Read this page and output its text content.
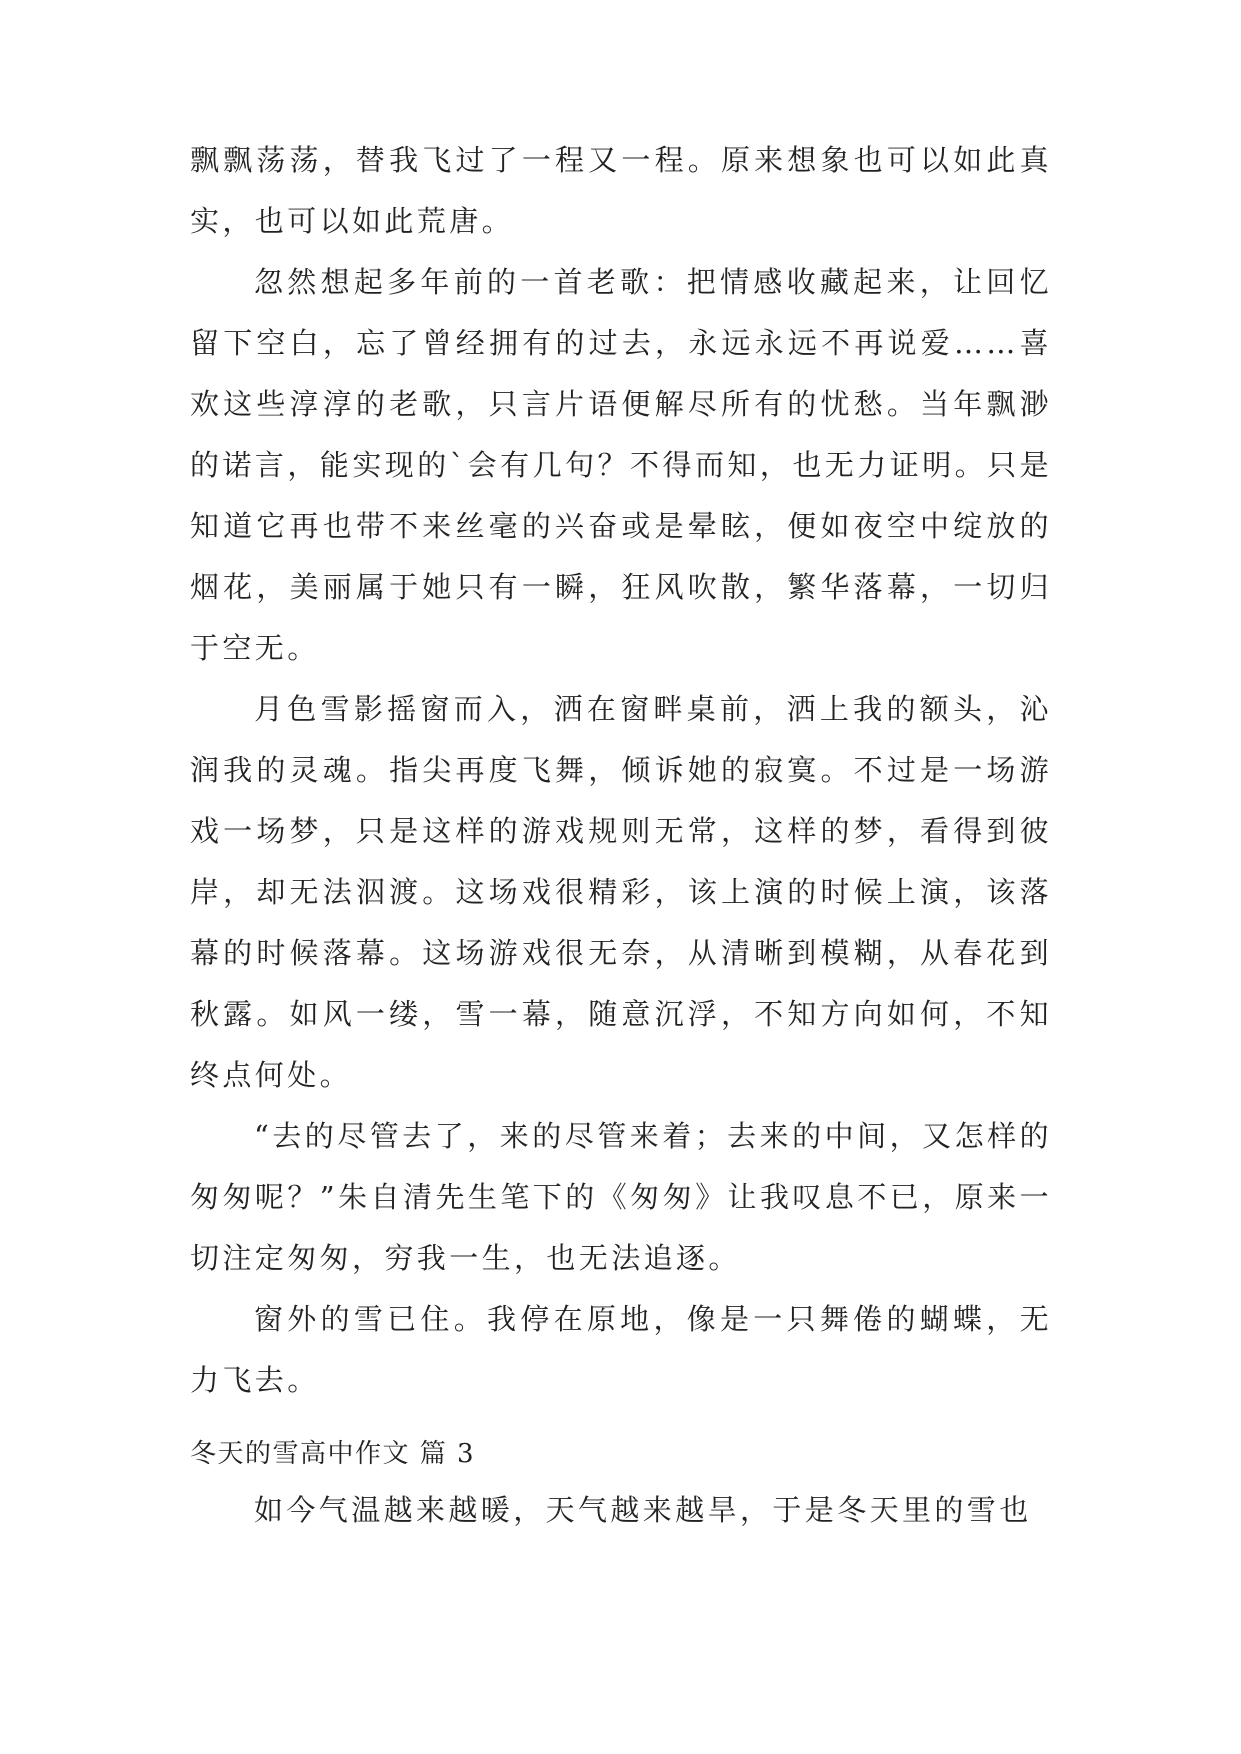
飘飘荡荡，替我飞过了一程又一程。原来想象也可以如此真实，也可以如此荒唐。

忽然想起多年前的一首老歌：把情感收藏起来，让回忆留下空白，忘了曾经拥有的过去，永远永远不再说爱……喜欢这些淳淳的老歌，只言片语便解尽所有的忧愁。当年飘渺的诺言，能实现的`会有几句？不得而知，也无力证明。只是知道它再也带不来丝毫的兴奋或是晕眩，便如夜空中绽放的烟花，美丽属于她只有一瞬，狂风吹散，繁华落幕，一切归于空无。

月色雪影摇窗而入，洒在窗畔桌前，洒上我的额头，沁润我的灵魂。指尖再度飞舞，倾诉她的寂寞。不过是一场游戏一场梦，只是这样的游戏规则无常，这样的梦，看得到彼岸，却无法泅渡。这场戏很精彩，该上演的时候上演，该落幕的时候落幕。这场游戏很无奈，从清晰到模糊，从春花到秋露。如风一缕，雪一幕，随意沉浮，不知方向如何，不知终点何处。

“去的尽管去了，来的尽管来着；去来的中间，又怎样的匆匆呢？”朱自清先生笔下的《匆匆》让我叹息不已，原来一切注定匆匆，穷我一生，也无法追逐。

窗外的雪已住。我停在原地，像是一只舞倦的蝴蝶，无力飞去。

冬天的雪高中作文 篇 3
如今气温越来越暖，天气越来越旱，于是冬天里的雪也
